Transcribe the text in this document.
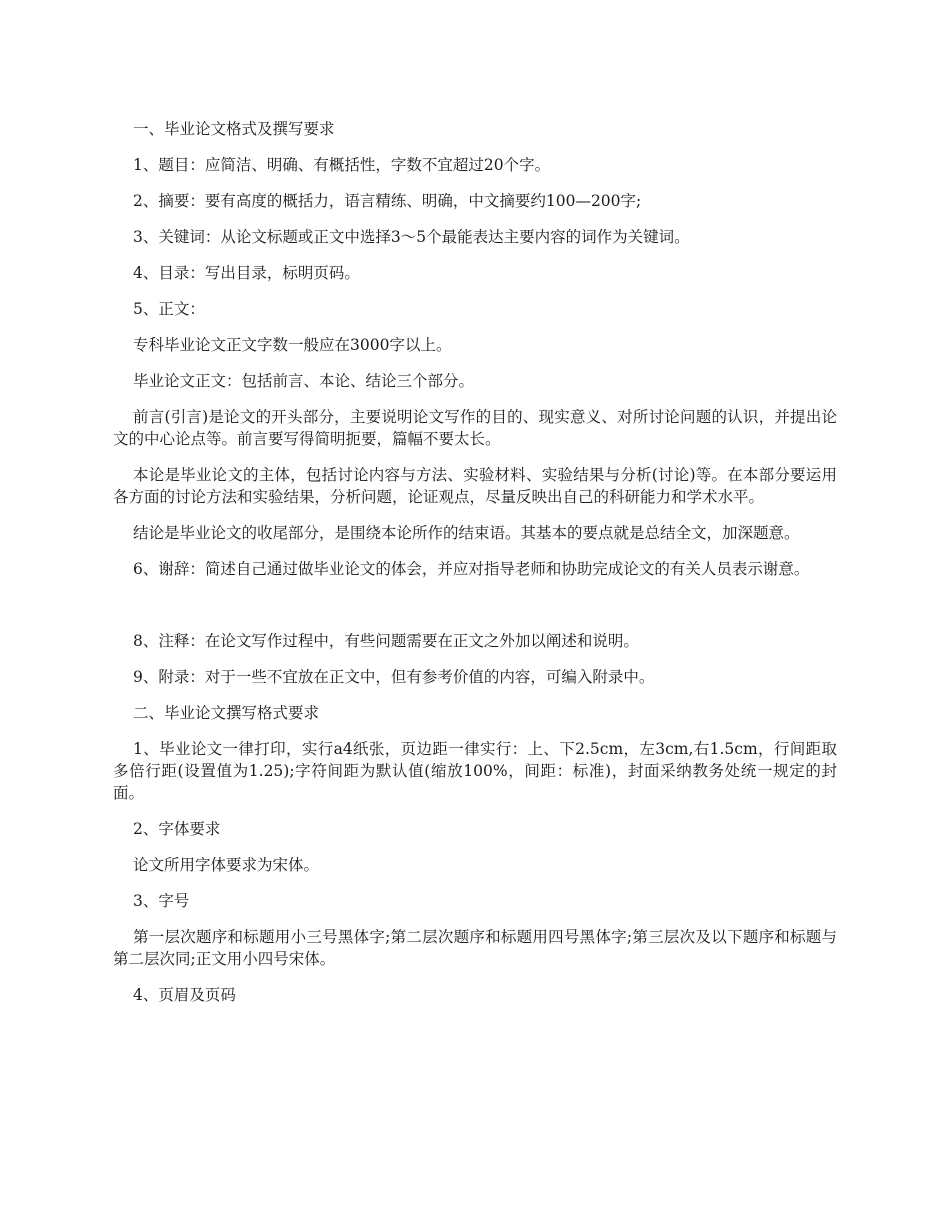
一、毕业论文格式及撰写要求

1、题目：应简洁、明确、有概括性，字数不宜超过20个字。

2、摘要：要有高度的概括力，语言精练、明确，中文摘要约100—200字;

3、关键词：从论文标题或正文中选择3～5个最能表达主要内容的词作为关键词。

4、目录：写出目录，标明页码。

5、正文：

专科毕业论文正文字数一般应在3000字以上。

毕业论文正文：包括前言、本论、结论三个部分。

前言(引言)是论文的开头部分，主要说明论文写作的目的、现实意义、对所讨论问题的认识，并提出论文的中心论点等。前言要写得简明扼要，篇幅不要太长。

本论是毕业论文的主体，包括讨论内容与方法、实验材料、实验结果与分析(讨论)等。在本部分要运用各方面的讨论方法和实验结果，分析问题，论证观点，尽量反映出自己的科研能力和学术水平。

结论是毕业论文的收尾部分，是围绕本论所作的结束语。其基本的要点就是总结全文，加深题意。

6、谢辞：简述自己通过做毕业论文的体会，并应对指导老师和协助完成论文的有关人员表示谢意。

8、注释：在论文写作过程中，有些问题需要在正文之外加以阐述和说明。

9、附录：对于一些不宜放在正文中，但有参考价值的内容，可编入附录中。

二、毕业论文撰写格式要求

1、毕业论文一律打印，实行a4纸张，页边距一律实行：上、下2.5cm，左3cm,右1.5cm，行间距取多倍行距(设置值为1.25);字符间距为默认值(缩放100%，间距：标准)，封面采纳教务处统一规定的封面。

2、字体要求

论文所用字体要求为宋体。

3、字号

第一层次题序和标题用小三号黑体字;第二层次题序和标题用四号黑体字;第三层次及以下题序和标题与第二层次同;正文用小四号宋体。

4、页眉及页码
